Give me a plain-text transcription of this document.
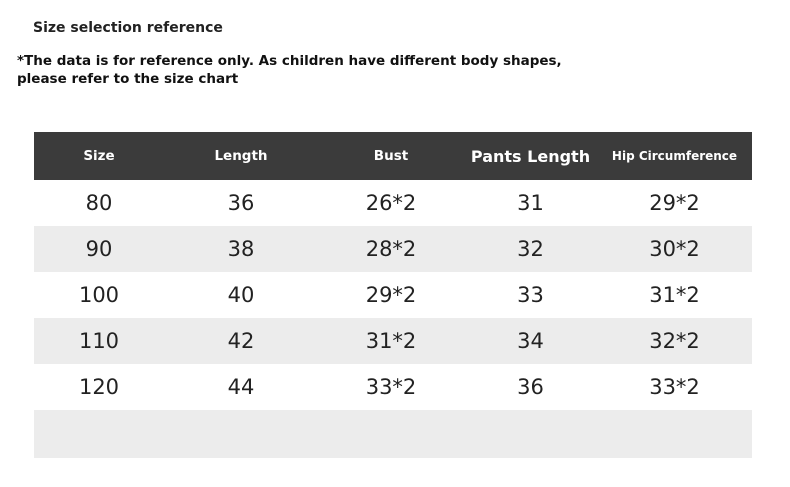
Size selection reference
*The data is for reference only. As children have different body shapes,
please refer to the size chart
Size	Length	Bust	Pants Length	Hip Circumference
80	36	26*2	31	29*2
90	38	28*2	32	30*2
100	40	29*2	33	31*2
110	42	31*2	34	32*2
120	44	33*2	36	33*2
